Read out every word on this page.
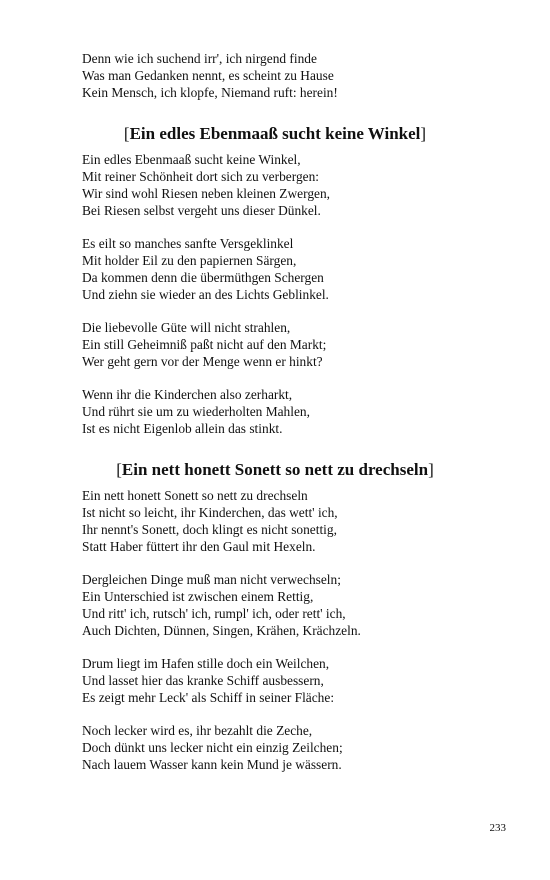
Denn wie ich suchend irr', ich nirgend finde
Was man Gedanken nennt, es scheint zu Hause
Kein Mensch, ich klopfe, Niemand ruft: herein!
[Ein edles Ebenmaaß sucht keine Winkel]
Ein edles Ebenmaaß sucht keine Winkel,
Mit reiner Schönheit dort sich zu verbergen:
Wir sind wohl Riesen neben kleinen Zwergen,
Bei Riesen selbst vergeht uns dieser Dünkel.
Es eilt so manches sanfte Versgeklinkel
Mit holder Eil zu den papiernen Särgen,
Da kommen denn die übermüthgen Schergen
Und ziehn sie wieder an des Lichts Geblinkel.
Die liebevolle Güte will nicht strahlen,
Ein still Geheimniß paßt nicht auf den Markt;
Wer geht gern vor der Menge wenn er hinkt?
Wenn ihr die Kinderchen also zerharkt,
Und rührt sie um zu wiederholten Mahlen,
Ist es nicht Eigenlob allein das stinkt.
[Ein nett honett Sonett so nett zu drechseln]
Ein nett honett Sonett so nett zu drechseln
Ist nicht so leicht, ihr Kinderchen, das wett' ich,
Ihr nennt's Sonett, doch klingt es nicht sonettig,
Statt Haber füttert ihr den Gaul mit Hexeln.
Dergleichen Dinge muß man nicht verwechseln;
Ein Unterschied ist zwischen einem Rettig,
Und ritt' ich, rutsch' ich, rumpl' ich, oder rett' ich,
Auch Dichten, Dünnen, Singen, Krähen, Krächzeln.
Drum liegt im Hafen stille doch ein Weilchen,
Und lasset hier das kranke Schiff ausbessern,
Es zeigt mehr Leck' als Schiff in seiner Fläche:
Noch lecker wird es, ihr bezahlt die Zeche,
Doch dünkt uns lecker nicht ein einzig Zeilchen;
Nach lauem Wasser kann kein Mund je wässern.
233
